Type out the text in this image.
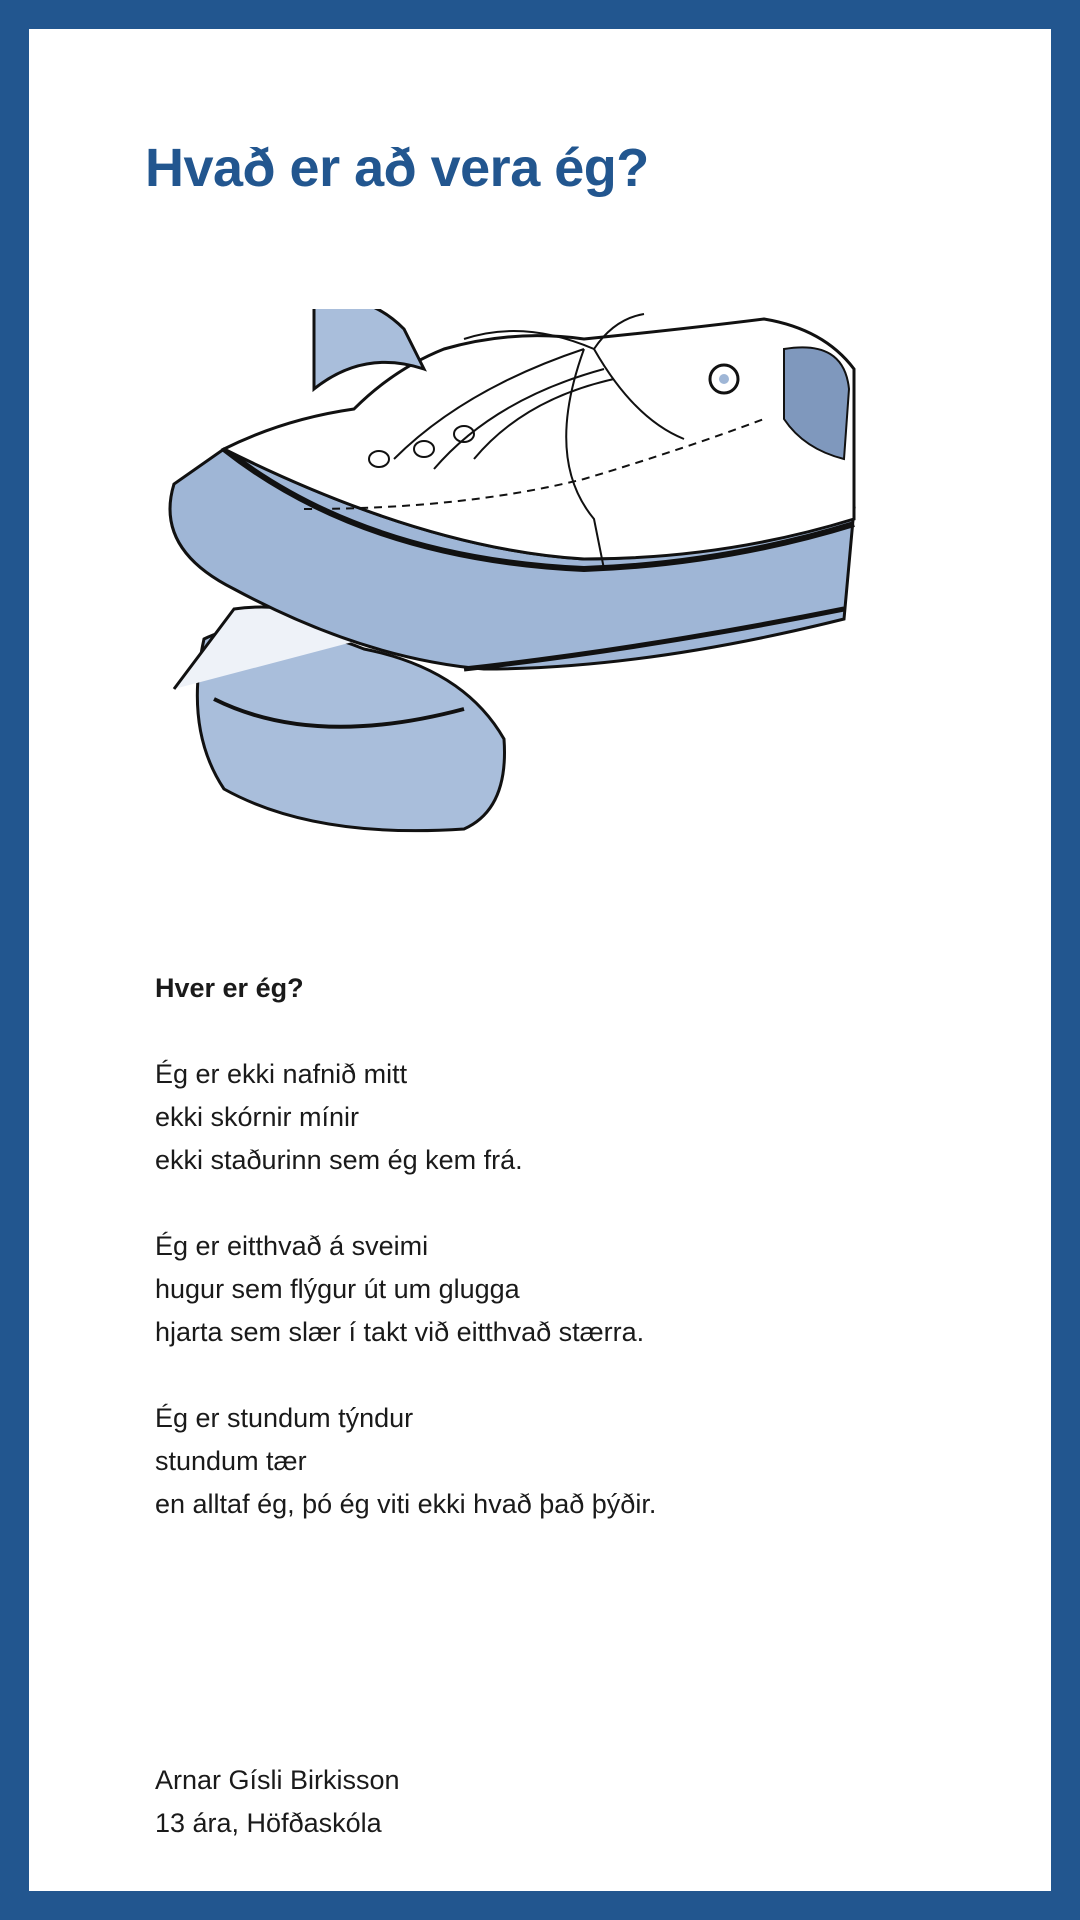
Hvað er að vera ég?
Hver er ég?
Ég er ekki nafnið mitt
ekki skórnir mínir
ekki staðurinn sem ég kem frá.
Ég er eitthvað á sveimi
hugur sem flýgur út um glugga
hjarta sem slær í takt við eitthvað stærra.
Ég er stundum týndur
stundum tær
en alltaf ég, þó ég viti ekki hvað það þýðir.
Arnar Gísli Birkisson
13 ára, Höfðaskóla
